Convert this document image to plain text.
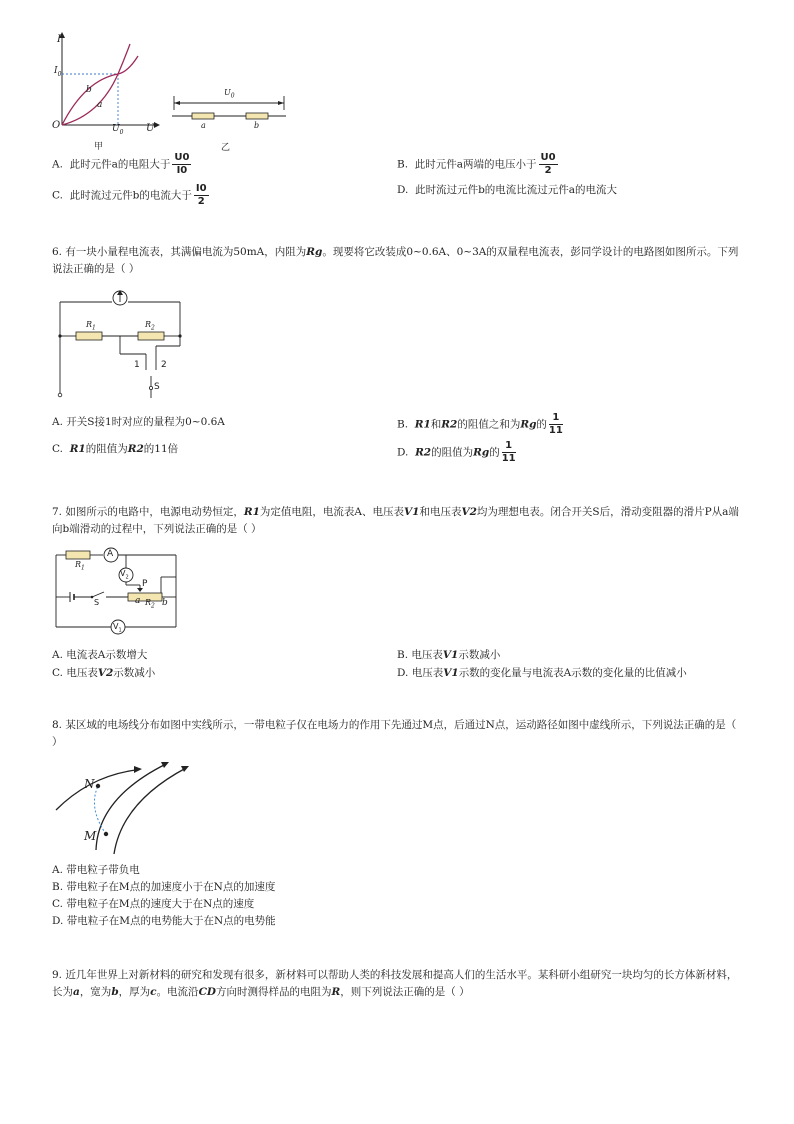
I
U
O
$I_0$
$U_0$
a
b
甲
$U_0$
a	b
乙
A. 此时元件a的电阻大于 $\frac{U0}{I0}$	B. 此时元件a两端的电压小于 $\frac{U0}{2}$
C. 此时流过元件b的电流大于 $\frac{I0}{2}$	D. 此时流过元件b的电流比流过元件a的电流大
6. 有一块小量程电流表，其满偏电流为50mA，内阻为Rg。现要将它改装成0~0.6A、0~3A的双量程电流表，彭同学设计的电路图如图所示。下列说法正确的是（ ）
$R_1$	$R_2$
1 2
S
A. 开关S接1时对应的量程为0~0.6A	B. R1和R2的阻值之和为Rg的 $\frac{1}{11}$
C. R1的阻值为R2的11倍	D. R2的阻值为Rg的 $\frac{1}{11}$
7. 如图所示的电路中，电源电动势恒定，R1为定值电阻，电流表A、电压表V1和电压表V2均为理想电表。闭合开关S后，滑动变阻器的滑片P从a端向b端滑动的过程中，下列说法正确的是（ ）
A
$V_2$
$V_1$
$R_1$
S
P
a b
$R_2$
A. 电流表A示数增大	B. 电压表V1示数减小
C. 电压表V2示数减小	D. 电压表V1示数的变化量与电流表A示数的变化量的比值减小
8. 某区域的电场线分布如图中实线所示，一带电粒子仅在电场力的作用下先通过M点，后通过N点，运动路径如图中虚线所示，下列说法正确的是（ ）
N
M
A. 带电粒子带负电
B. 带电粒子在M点的加速度小于在N点的加速度
C. 带电粒子在M点的速度大于在N点的速度
D. 带电粒子在M点的电势能大于在N点的电势能
9. 近几年世界上对新材料的研究和发现有很多，新材料可以帮助人类的科技发展和提高人们的生活水平。某科研小组研究一块均匀的长方体新材料，长为a，宽为b，厚为c。电流沿CD方向时测得样品的电阻为R，则下列说法正确的是（ ）
